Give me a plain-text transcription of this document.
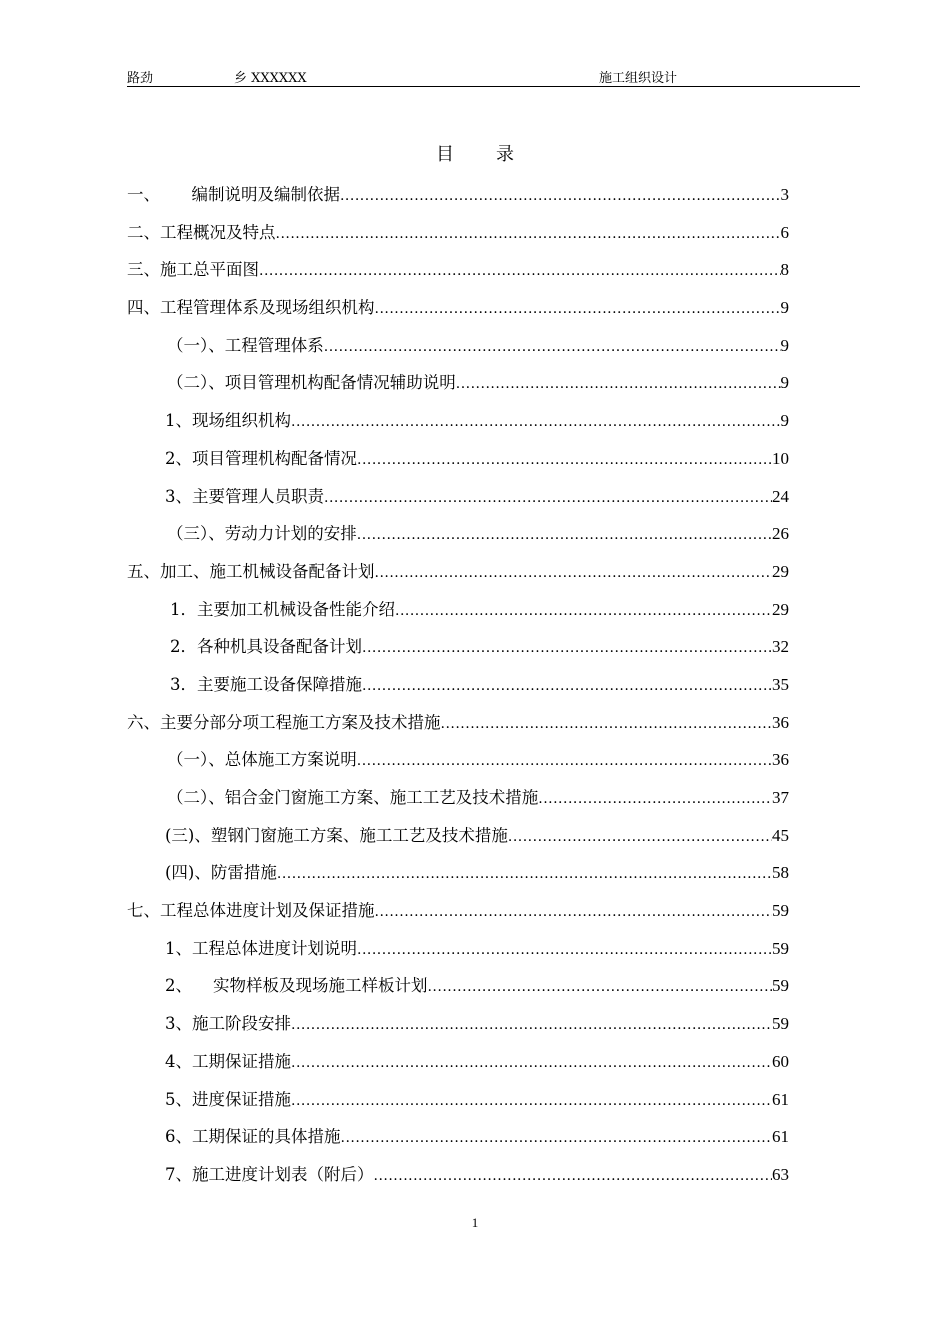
路劲	乡 XXXXXX	施工组织设计
目录
一、      编制说明及编制依据 .....	3
二、工程概况及特点 .....	6
三、施工总平面图 .....	8
四、工程管理体系及现场组织机构 .....	9
（一）、工程管理体系 .....	9
（二）、项目管理机构配备情况辅助说明 .....	9
1、现场组织机构 .....	9
2、项目管理机构配备情况 .....	10
3、主要管理人员职责 .....	24
（三）、劳动力计划的安排 .....	26
五、加工、施工机械设备配备计划 .....	29
1．主要加工机械设备性能介绍 .....	29
2．各种机具设备配备计划 .....	32
3．主要施工设备保障措施 .....	35
六、主要分部分项工程施工方案及技术措施 .....	36
（一）、总体施工方案说明 .....	36
（二）、铝合金门窗施工方案、施工工艺及技术措施 .....	37
(三)、塑钢门窗施工方案、施工工艺及技术措施 .....	45
(四)、防雷措施 .....	58
七、工程总体进度计划及保证措施 .....	59
1、工程总体进度计划说明 .....	59
2、    实物样板及现场施工样板计划 .....	59
3、施工阶段安排 .....	59
4、工期保证措施 .....	60
5、进度保证措施 .....	61
6、工期保证的具体措施 .....	61
7、施工进度计划表（附后） .....	63
1
